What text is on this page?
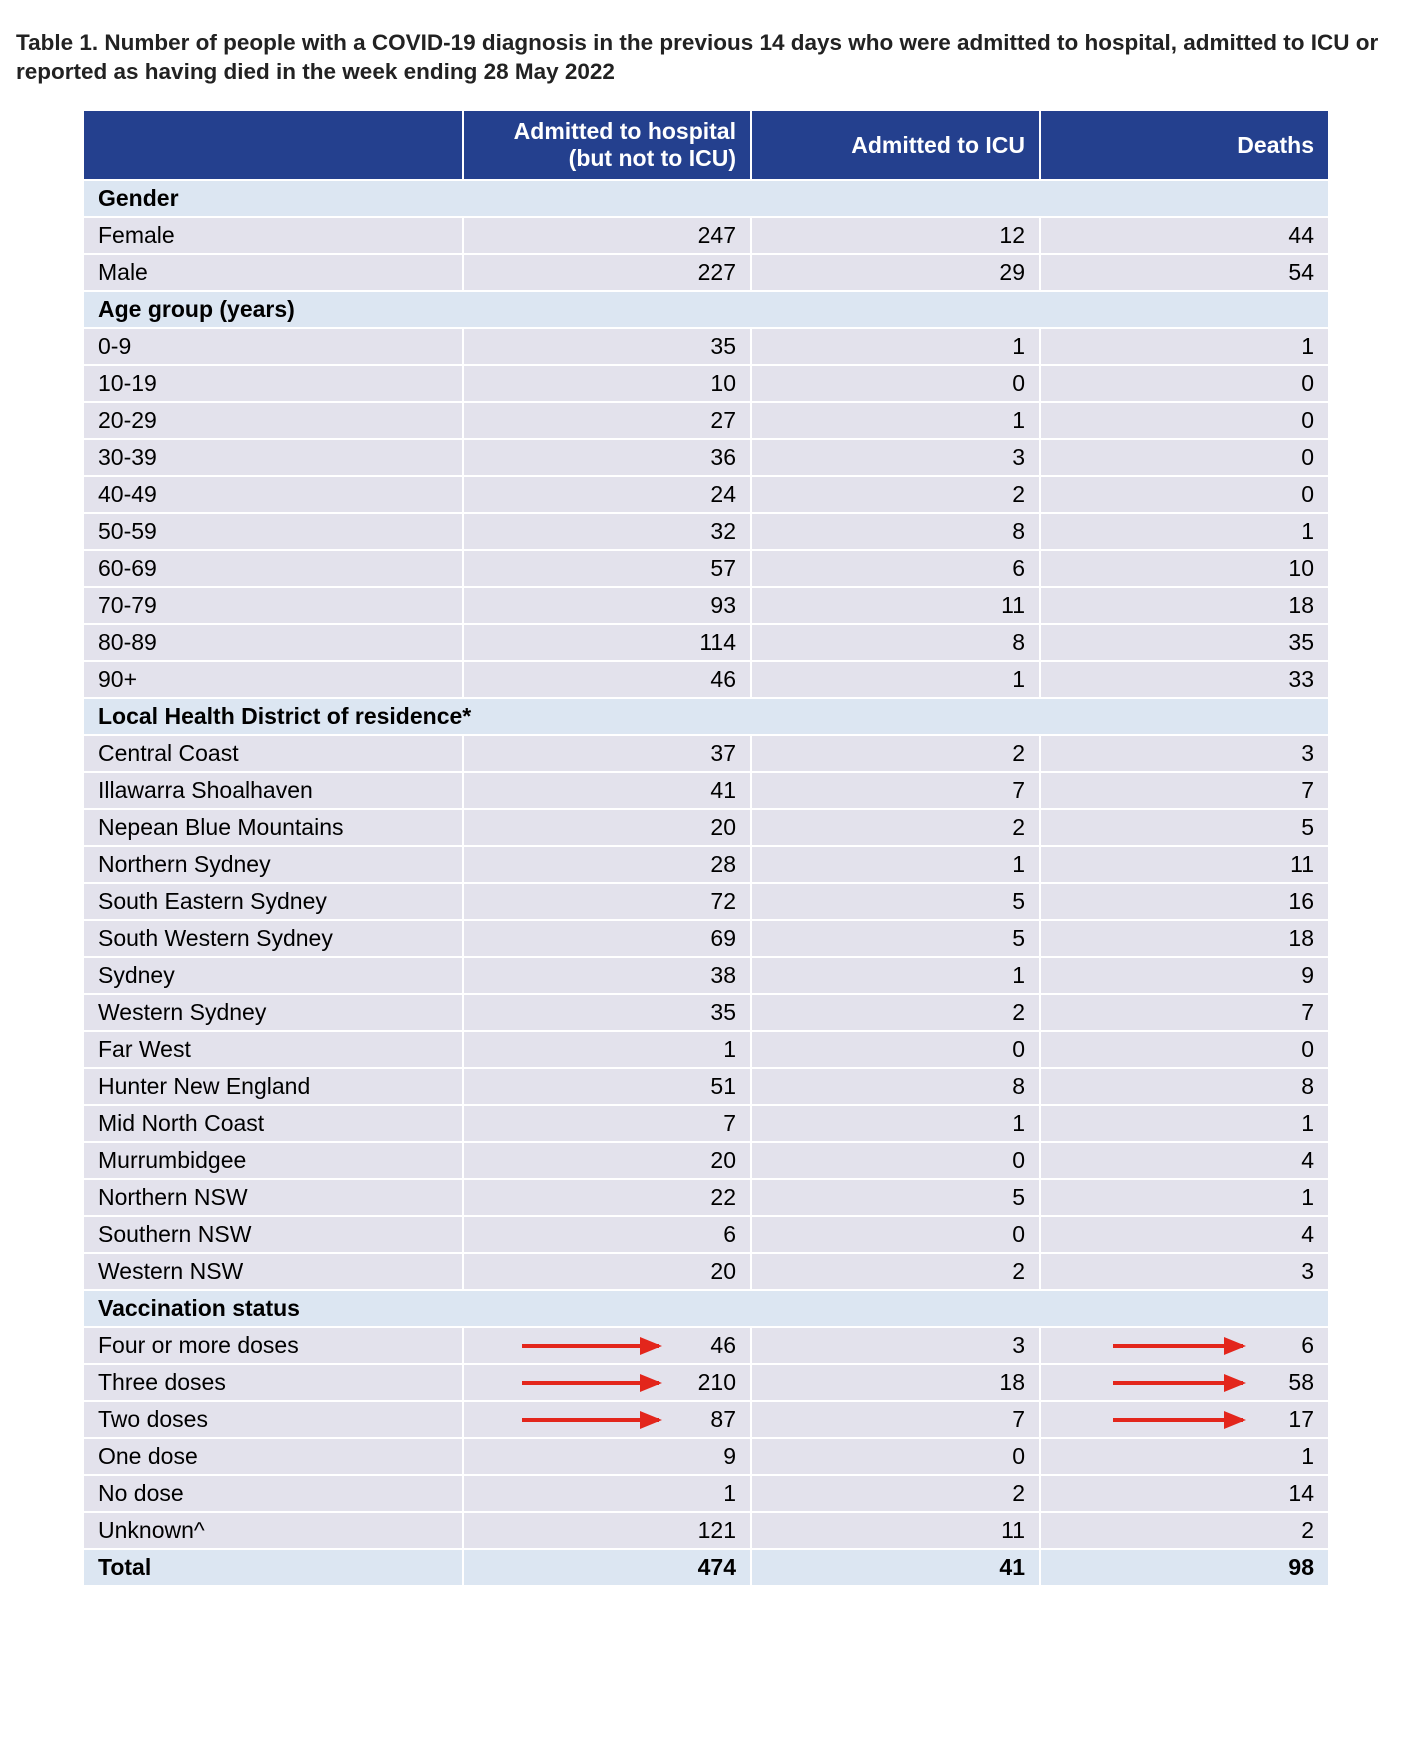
Table 1. Number of people with a COVID-19 diagnosis in the previous 14 days who were admitted to hospital, admitted to ICU or reported as having died in the week ending 28 May 2022
	Admitted to hospital (but not to ICU)	Admitted to ICU	Deaths
Gender			
Female	247	12	44
Male	227	29	54
Age group (years)			
0-9	35	1	1
10-19	10	0	0
20-29	27	1	0
30-39	36	3	0
40-49	24	2	0
50-59	32	8	1
60-69	57	6	10
70-79	93	11	18
80-89	114	8	35
90+	46	1	33
Local Health District of residence*			
Central Coast	37	2	3
Illawarra Shoalhaven	41	7	7
Nepean Blue Mountains	20	2	5
Northern Sydney	28	1	11
South Eastern Sydney	72	5	16
South Western Sydney	69	5	18
Sydney	38	1	9
Western Sydney	35	2	7
Far West	1	0	0
Hunter New England	51	8	8
Mid North Coast	7	1	1
Murrumbidgee	20	0	4
Northern NSW	22	5	1
Southern NSW	6	0	4
Western NSW	20	2	3
Vaccination status			
Four or more doses	46	3	6
Three doses	210	18	58
Two doses	87	7	17
One dose	9	0	1
No dose	1	2	14
Unknown^	121	11	2
Total	474	41	98
